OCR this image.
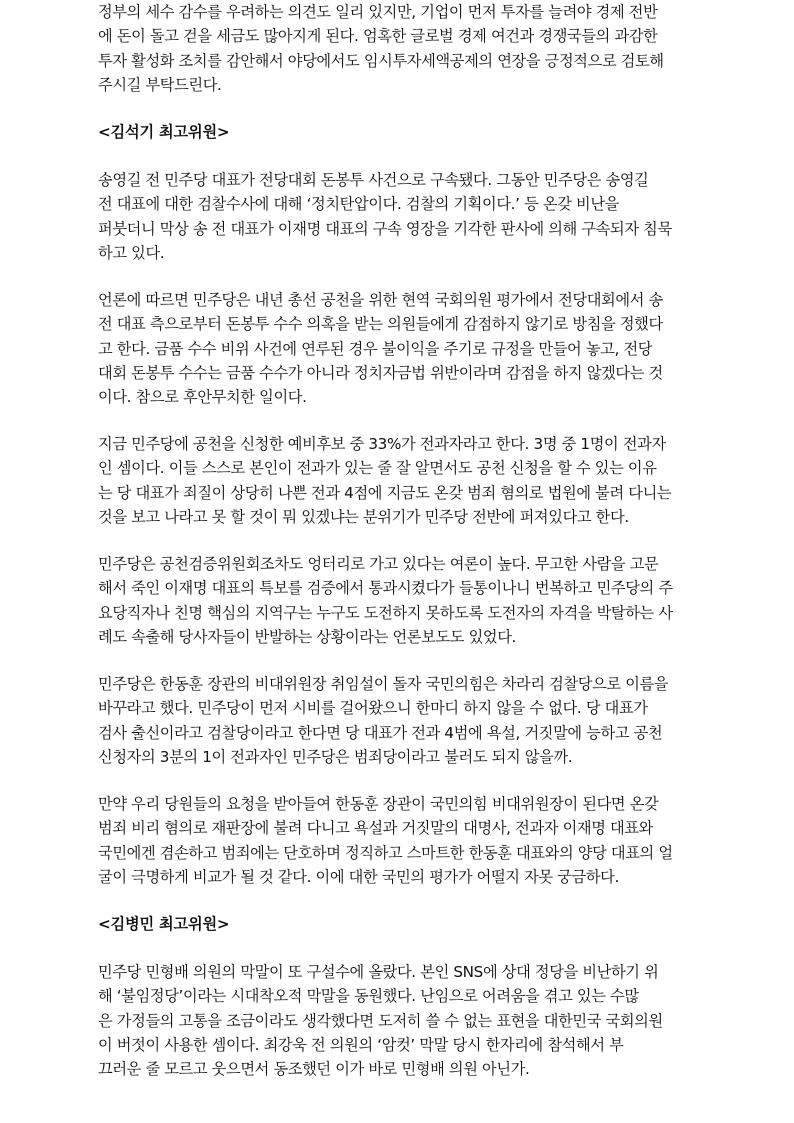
정부의 세수 감수를 우려하는 의견도 일리 있지만, 기업이 먼저 투자를 늘려야 경제 전반
에 돈이 돌고 걷을 세금도 많아지게 된다. 엄혹한 글로벌 경제 여건과 경쟁국들의 과감한
투자 활성화 조치를 감안해서 야당에서도 임시투자세액공제의 연장을 긍정적으로 검토해
주시길 부탁드린다.
<김석기 최고위원>
송영길 전 민주당 대표가 전당대회 돈봉투 사건으로 구속됐다. 그동안 민주당은 송영길
전 대표에 대한 검찰수사에 대해 ‘정치탄압이다. 검찰의 기획이다.’ 등 온갖 비난을
퍼붓더니 막상 송 전 대표가 이재명 대표의 구속 영장을 기각한 판사에 의해 구속되자 침묵
하고 있다.
언론에 따르면 민주당은 내년 총선 공천을 위한 현역 국회의원 평가에서 전당대회에서 송
전 대표 측으로부터 돈봉투 수수 의혹을 받는 의원들에게 감점하지 않기로 방침을 정했다
고 한다. 금품 수수 비위 사건에 연루된 경우 불이익을 주기로 규정을 만들어 놓고, 전당
대회 돈봉투 수수는 금품 수수가 아니라 정치자금법 위반이라며 감점을 하지 않겠다는 것
이다. 참으로 후안무치한 일이다.
지금 민주당에 공천을 신청한 예비후보 중 33%가 전과자라고 한다. 3명 중 1명이 전과자
인 셈이다. 이들 스스로 본인이 전과가 있는 줄 잘 알면서도 공천 신청을 할 수 있는 이유
는 당 대표가 죄질이 상당히 나쁜 전과 4점에 지금도 온갖 범죄 혐의로 법원에 불려 다니는
것을 보고 나라고 못 할 것이 뭐 있겠냐는 분위기가 민주당 전반에 퍼져있다고 한다.
민주당은 공천검증위원회조차도 엉터리로 가고 있다는 여론이 높다. 무고한 사람을 고문
해서 죽인 이재명 대표의 특보를 검증에서 통과시켰다가 들통이나니 번복하고 민주당의 주
요당직자나 친명 핵심의 지역구는 누구도 도전하지 못하도록 도전자의 자격을 박탈하는 사
례도 속출해 당사자들이 반발하는 상황이라는 언론보도도 있었다.
민주당은 한동훈 장관의 비대위원장 취임설이 돌자 국민의힘은 차라리 검찰당으로 이름을
바꾸라고 했다. 민주당이 먼저 시비를 걸어왔으니 한마디 하지 않을 수 없다. 당 대표가
검사 출신이라고 검찰당이라고 한다면 당 대표가 전과 4범에 욕설, 거짓말에 능하고 공천
신청자의 3분의 1이 전과자인 민주당은 범죄당이라고 불러도 되지 않을까.
만약 우리 당원들의 요청을 받아들여 한동훈 장관이 국민의힘 비대위원장이 된다면 온갖
범죄 비리 혐의로 재판장에 불려 다니고 욕설과 거짓말의 대명사, 전과자 이재명 대표와
국민에겐 겸손하고 범죄에는 단호하며 정직하고 스마트한 한동훈 대표와의 양당 대표의 얼
굴이 극명하게 비교가 될 것 같다. 이에 대한 국민의 평가가 어떨지 자못 궁금하다.
<김병민 최고위원>
민주당 민형배 의원의 막말이 또 구설수에 올랐다. 본인 SNS에 상대 정당을 비난하기 위
해 ‘불임정당’이라는 시대착오적 막말을 동원했다. 난임으로 어려움을 겪고 있는 수많
은 가정들의 고통을 조금이라도 생각했다면 도저히 쓸 수 없는 표현을 대한민국 국회의원
이 버젓이 사용한 셈이다. 최강욱 전 의원의 ‘암컷’ 막말 당시 한자리에 참석해서 부
끄러운 줄 모르고 웃으면서 동조했던 이가 바로 민형배 의원 아닌가.
